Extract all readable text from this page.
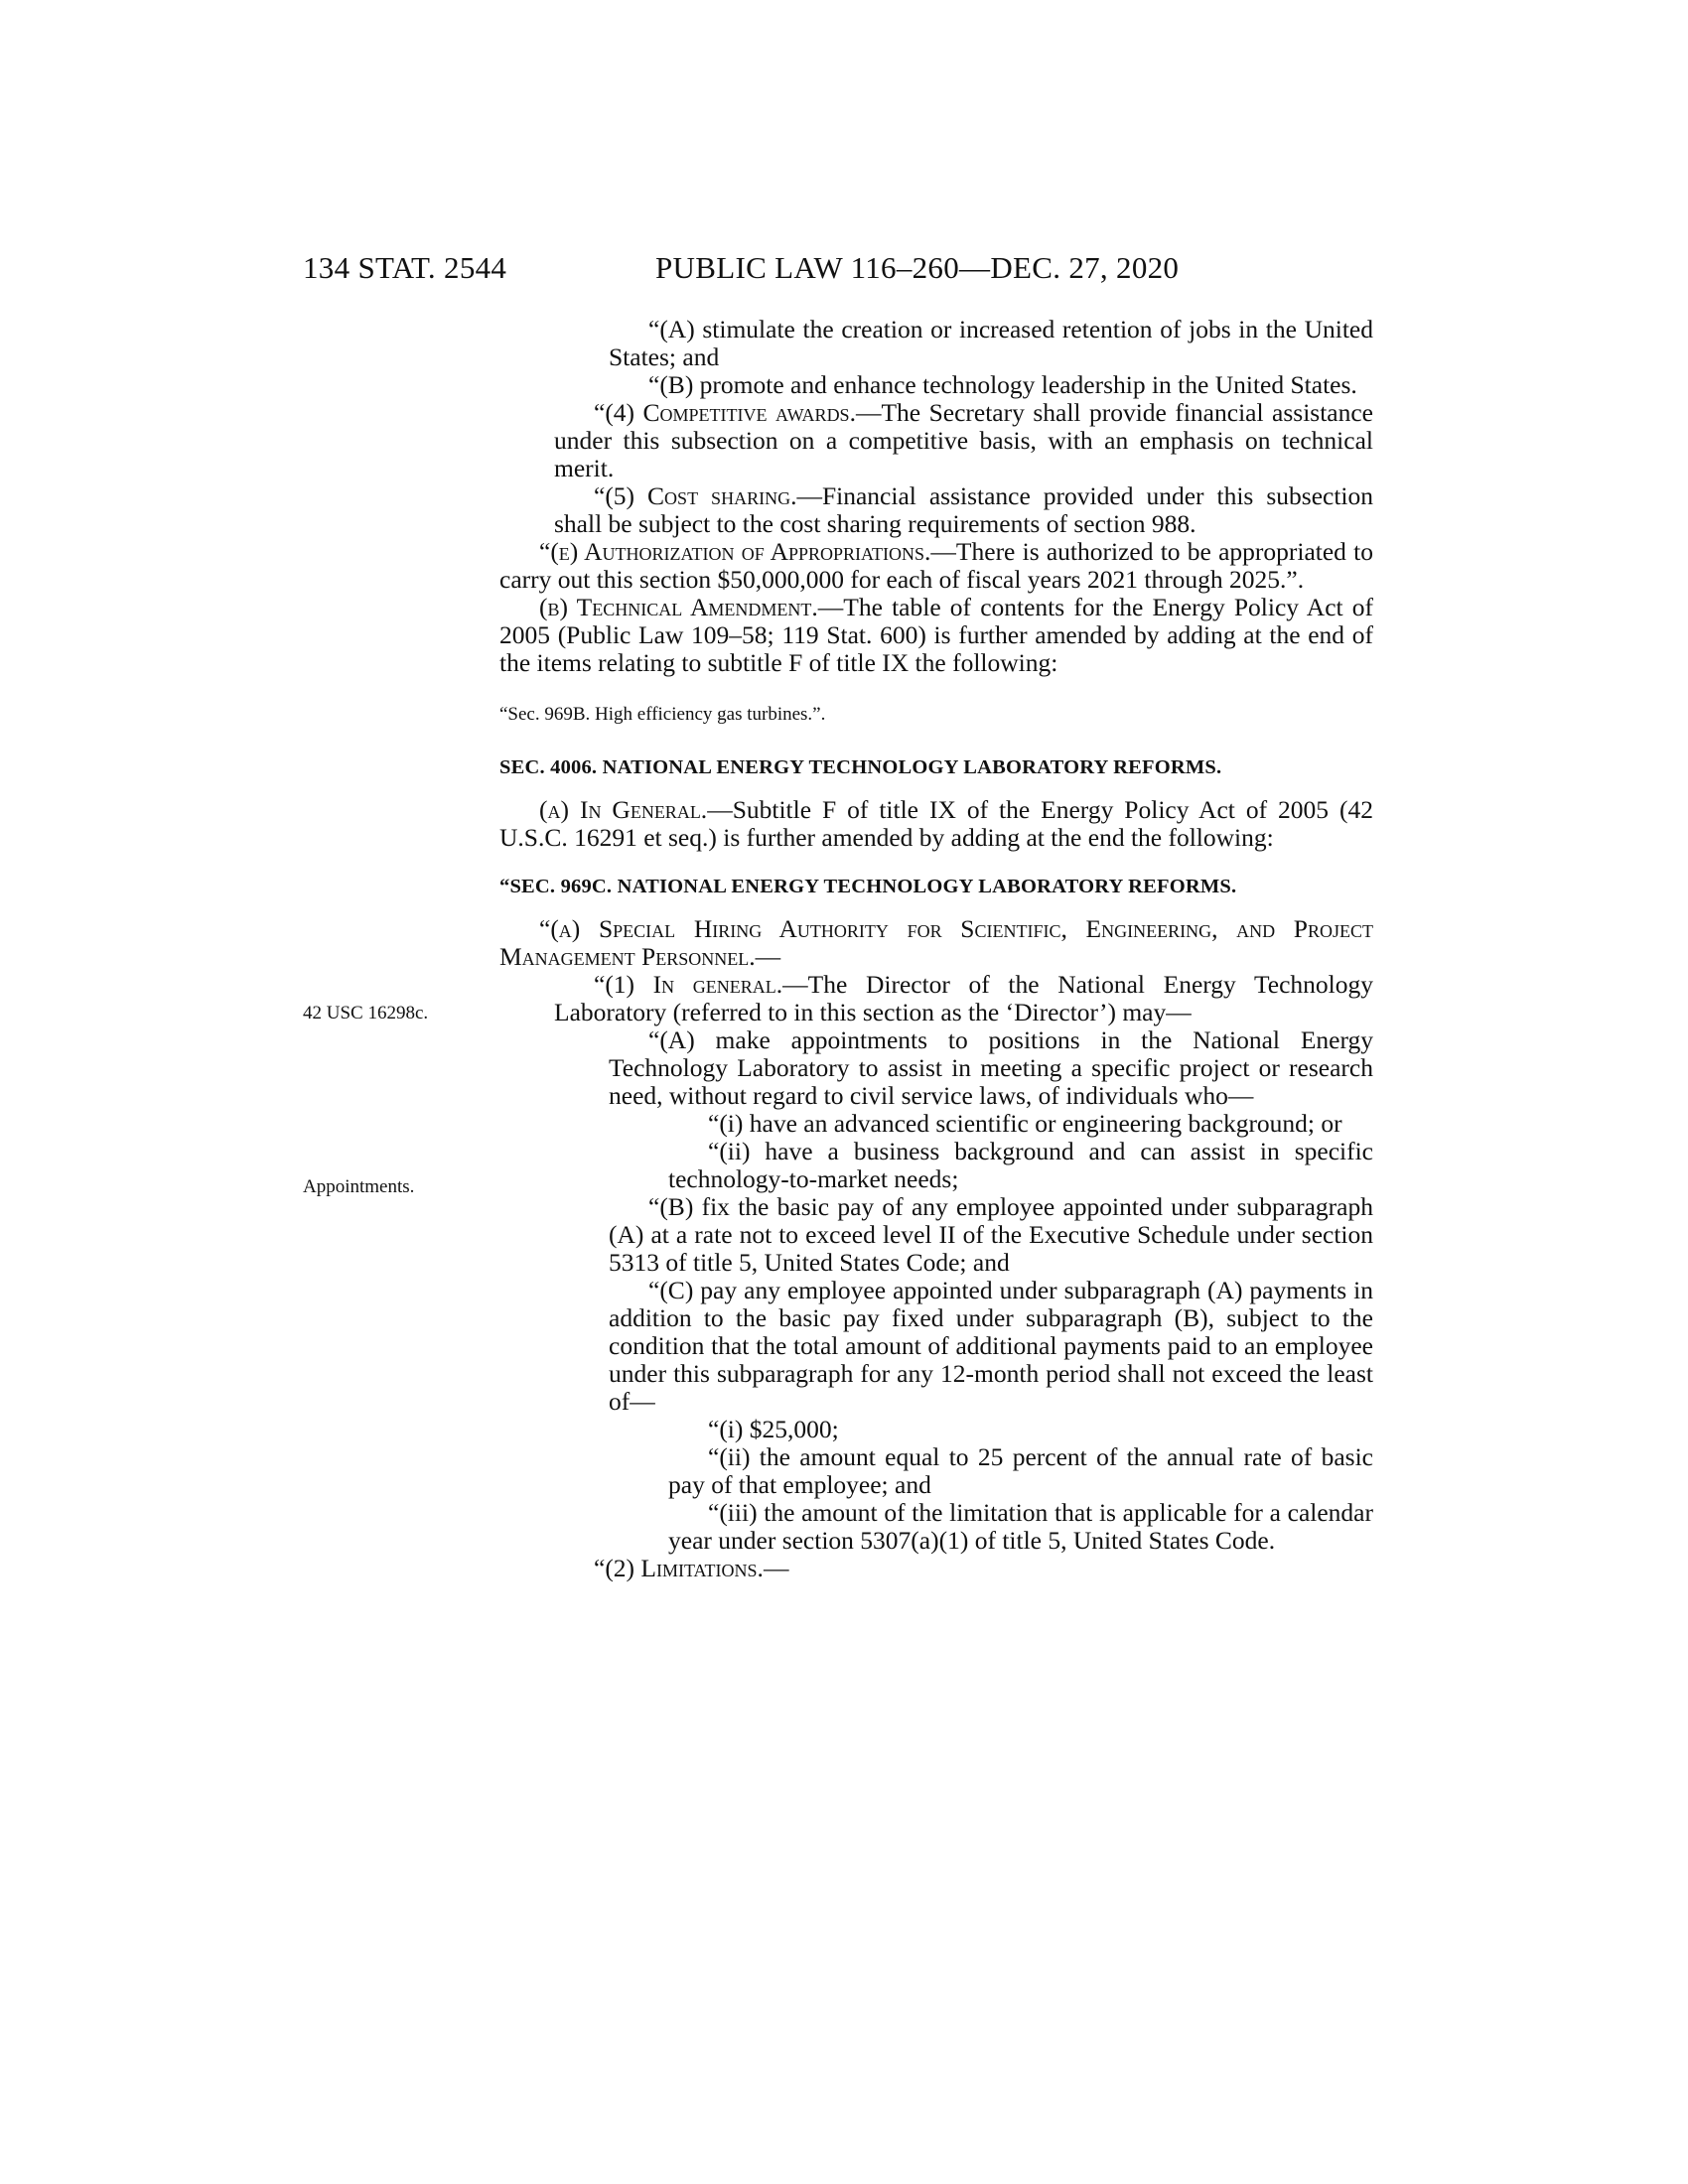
134 STAT. 2544	PUBLIC LAW 116–260—DEC. 27, 2020
42 USC 16298c.
Appointments.

“(A) stimulate the creation or increased retention of jobs in the United States; and

“(B) promote and enhance technology leadership in the United States.

“(4) Competitive awards.—The Secretary shall provide financial assistance under this subsection on a competitive basis, with an emphasis on technical merit.

“(5) Cost sharing.—Financial assistance provided under this subsection shall be subject to the cost sharing requirements of section 988.

“(e) Authorization of Appropriations.—There is authorized to be appropriated to carry out this section $50,000,000 for each of fiscal years 2021 through 2025.”.

(b) Technical Amendment.—The table of contents for the Energy Policy Act of 2005 (Public Law 109–58; 119 Stat. 600) is further amended by adding at the end of the items relating to subtitle F of title IX the following:

“Sec. 969B. High efficiency gas turbines.”.

SEC. 4006. NATIONAL ENERGY TECHNOLOGY LABORATORY REFORMS.

(a) In General.—Subtitle F of title IX of the Energy Policy Act of 2005 (42 U.S.C. 16291 et seq.) is further amended by adding at the end the following:

“SEC. 969C. NATIONAL ENERGY TECHNOLOGY LABORATORY REFORMS.

“(a) Special Hiring Authority for Scientific, Engineering, and Project Management Personnel.—

“(1) In general.—The Director of the National Energy Technology Laboratory (referred to in this section as the ‘Director’) may—

“(A) make appointments to positions in the National Energy Technology Laboratory to assist in meeting a specific project or research need, without regard to civil service laws, of individuals who—

“(i) have an advanced scientific or engineering background; or

“(ii) have a business background and can assist in specific technology-to-market needs;

“(B) fix the basic pay of any employee appointed under subparagraph (A) at a rate not to exceed level II of the Executive Schedule under section 5313 of title 5, United States Code; and

“(C) pay any employee appointed under subparagraph (A) payments in addition to the basic pay fixed under subparagraph (B), subject to the condition that the total amount of additional payments paid to an employee under this subparagraph for any 12-month period shall not exceed the least of—

“(i) $25,000;

“(ii) the amount equal to 25 percent of the annual rate of basic pay of that employee; and

“(iii) the amount of the limitation that is applicable for a calendar year under section 5307(a)(1) of title 5, United States Code.

“(2) Limitations.—
